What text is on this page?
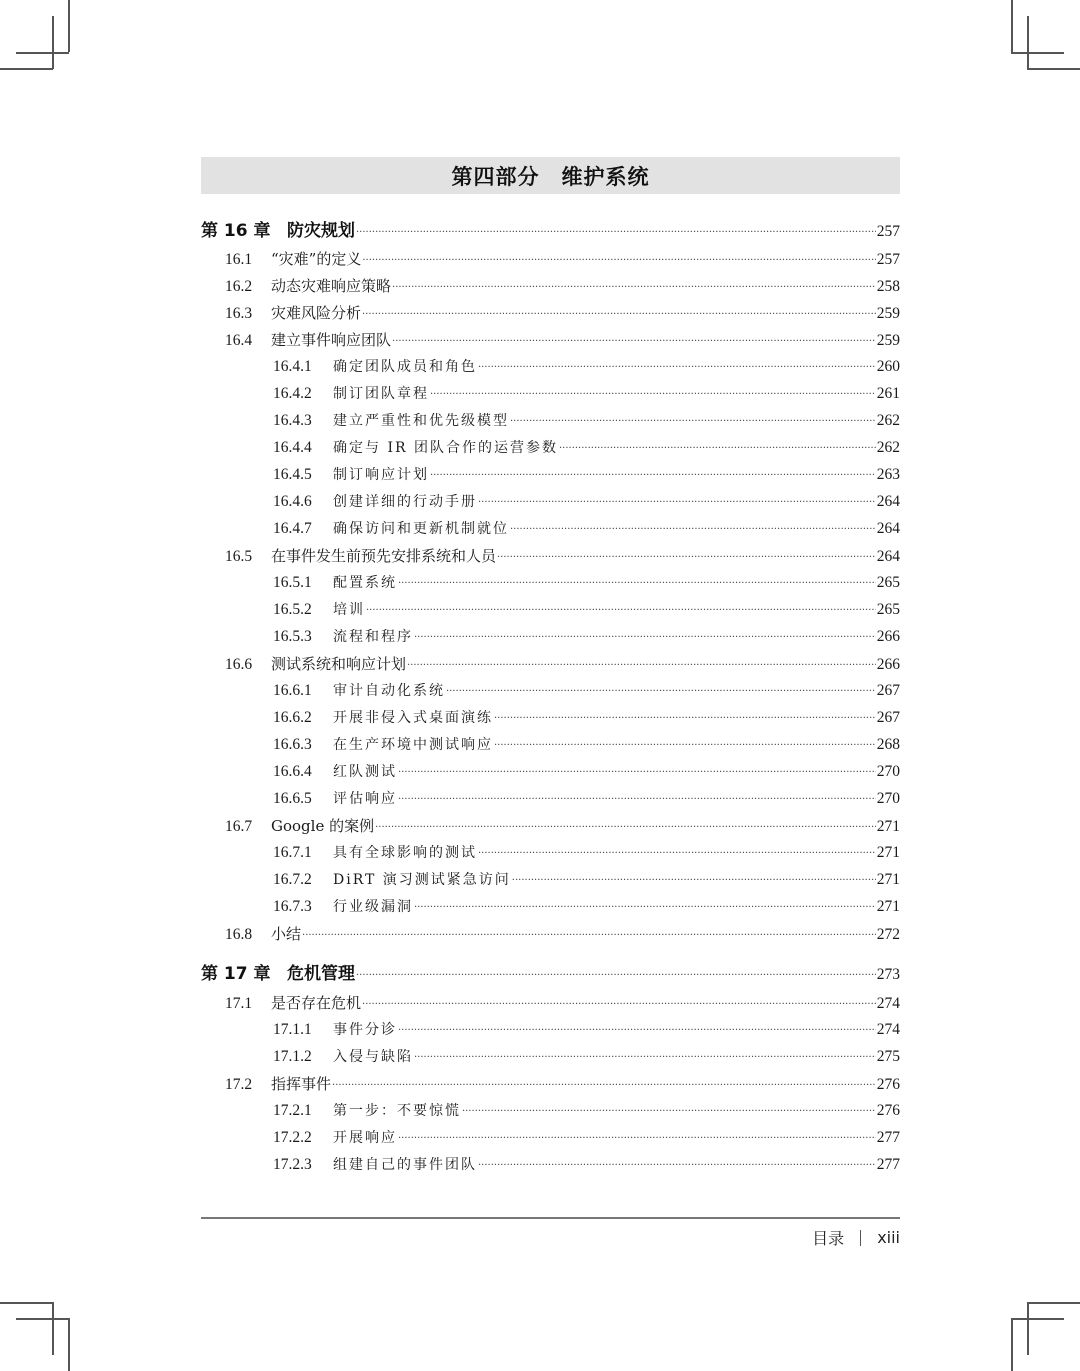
第四部分　维护系统
第 16 章 防灾规划 ·····	257
16.1	“灾难”的定义 ·····	257
16.2	动态灾难响应策略 ·····	258
16.3	灾难风险分析 ·····	259
16.4	建立事件响应团队 ·····	259
16.4.1	确定团队成员和角色 ·····	260
16.4.2	制订团队章程 ·····	261
16.4.3	建立严重性和优先级模型 ·····	262
16.4.4	确定与 IR 团队合作的运营参数 ·····	262
16.4.5	制订响应计划 ·····	263
16.4.6	创建详细的行动手册 ·····	264
16.4.7	确保访问和更新机制就位 ·····	264
16.5	在事件发生前预先安排系统和人员 ·····	264
16.5.1	配置系统 ·····	265
16.5.2	培训 ·····	265
16.5.3	流程和程序 ·····	266
16.6	测试系统和响应计划 ·····	266
16.6.1	审计自动化系统 ·····	267
16.6.2	开展非侵入式桌面演练 ·····	267
16.6.3	在生产环境中测试响应 ·····	268
16.6.4	红队测试 ·····	270
16.6.5	评估响应 ·····	270
16.7	Google 的案例 ·····	271
16.7.1	具有全球影响的测试 ·····	271
16.7.2	DiRT 演习测试紧急访问 ·····	271
16.7.3	行业级漏洞 ·····	271
16.8	小结 ·····	272
第 17 章 危机管理 ·····	273
17.1	是否存在危机 ·····	274
17.1.1	事件分诊 ·····	274
17.1.2	入侵与缺陷 ·····	275
17.2	指挥事件 ·····	276
17.2.1	第一步：不要惊慌 ·····	276
17.2.2	开展响应 ·····	277
17.2.3	组建自己的事件团队 ·····	277
目录 xiii
